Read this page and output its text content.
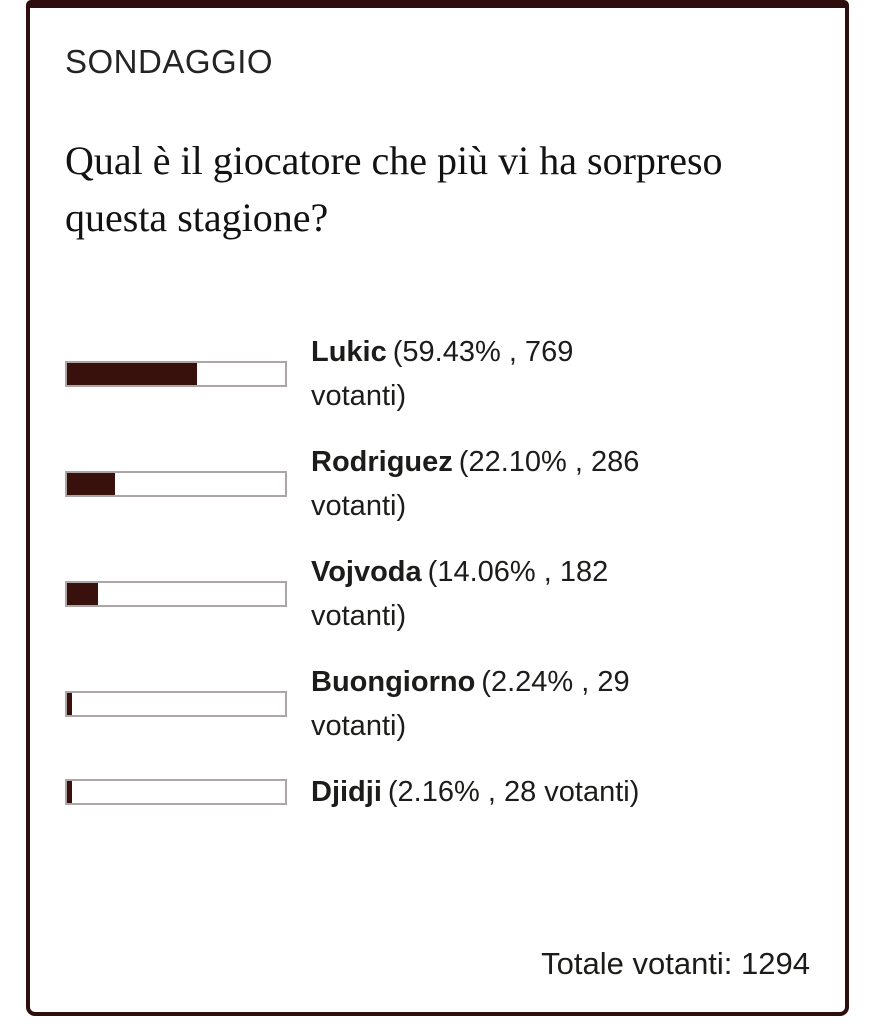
SONDAGGIO
Qual è il giocatore che più vi ha sorpreso questa stagione?
Lukic (59.43% , 769 votanti)
Rodriguez (22.10% , 286 votanti)
Vojvoda (14.06% , 182 votanti)
Buongiorno (2.24% , 29 votanti)
Djidji (2.16% , 28 votanti)
Totale votanti: 1294
